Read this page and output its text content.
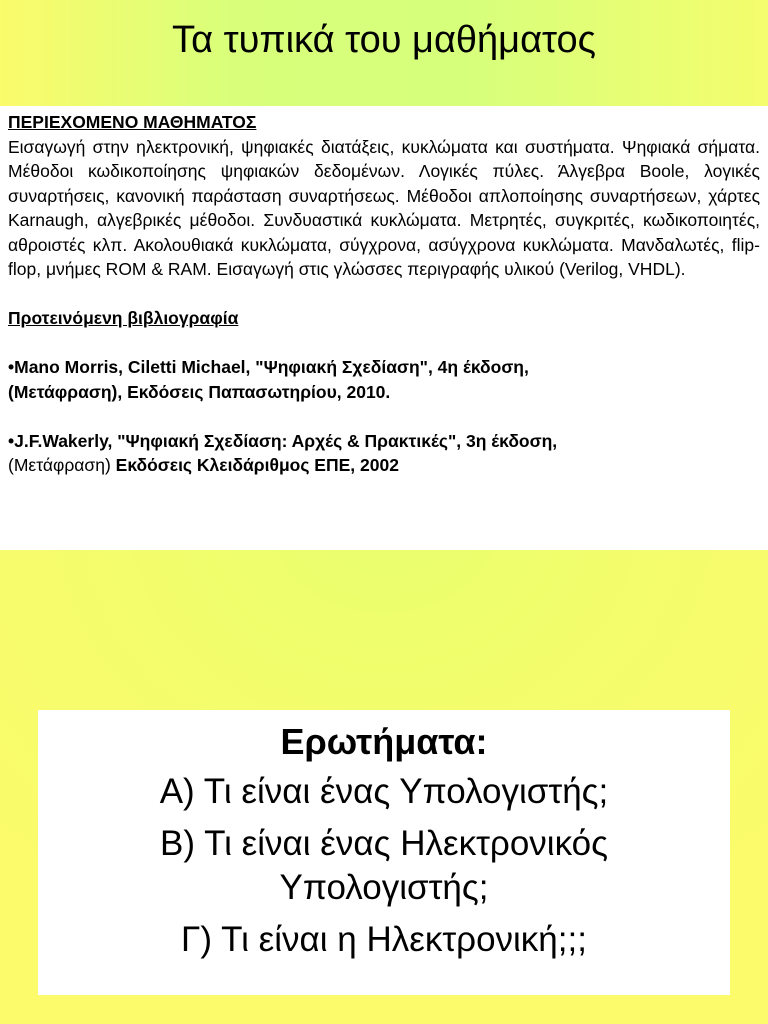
Τα τυπικά του μαθήματος

ΠΕΡΙΕΧΟΜΕΝΟ ΜΑΘΗΜΑΤΟΣ

Εισαγωγή στην ηλεκτρονική, ψηφιακές διατάξεις, κυκλώματα και συστήματα. Ψηφιακά σήματα. Μέθοδοι κωδικοποίησης ψηφιακών δεδομένων. Λογικές πύλες. Άλγεβρα Boole, λογικές συναρτήσεις, κανονική παράσταση συναρτήσεως. Μέθοδοι απλοποίησης συναρτήσεων, χάρτες Karnaugh, αλγεβρικές μέθοδοι. Συνδυαστικά κυκλώματα. Μετρητές, συγκριτές, κωδικοποιητές, αθροιστές κλπ. Ακολουθιακά κυκλώματα, σύγχρονα, ασύγχρονα κυκλώματα. Μανδαλωτές, flip-flop, μνήμες ROM & RAM. Εισαγωγή στις γλώσσες περιγραφής υλικού (Verilog, VHDL).

Προτεινόμενη βιβλιογραφία

•Mano Morris, Ciletti Michael, "Ψηφιακή Σχεδίαση", 4η έκδοση,

(Μετάφραση), Εκδόσεις Παπασωτηρίου, 2010.

•J.F.Wakerly, "Ψηφιακή Σχεδίαση: Αρχές & Πρακτικές", 3η έκδοση,

(Μετάφραση) Εκδόσεις Κλειδάριθμος ΕΠΕ, 2002

Ερωτήματα:

Α) Τι είναι ένας Υπολογιστής;

Β) Τι είναι ένας Ηλεκτρονικός

Υπολογιστής;

Γ) Τι είναι η Ηλεκτρονική;;;
